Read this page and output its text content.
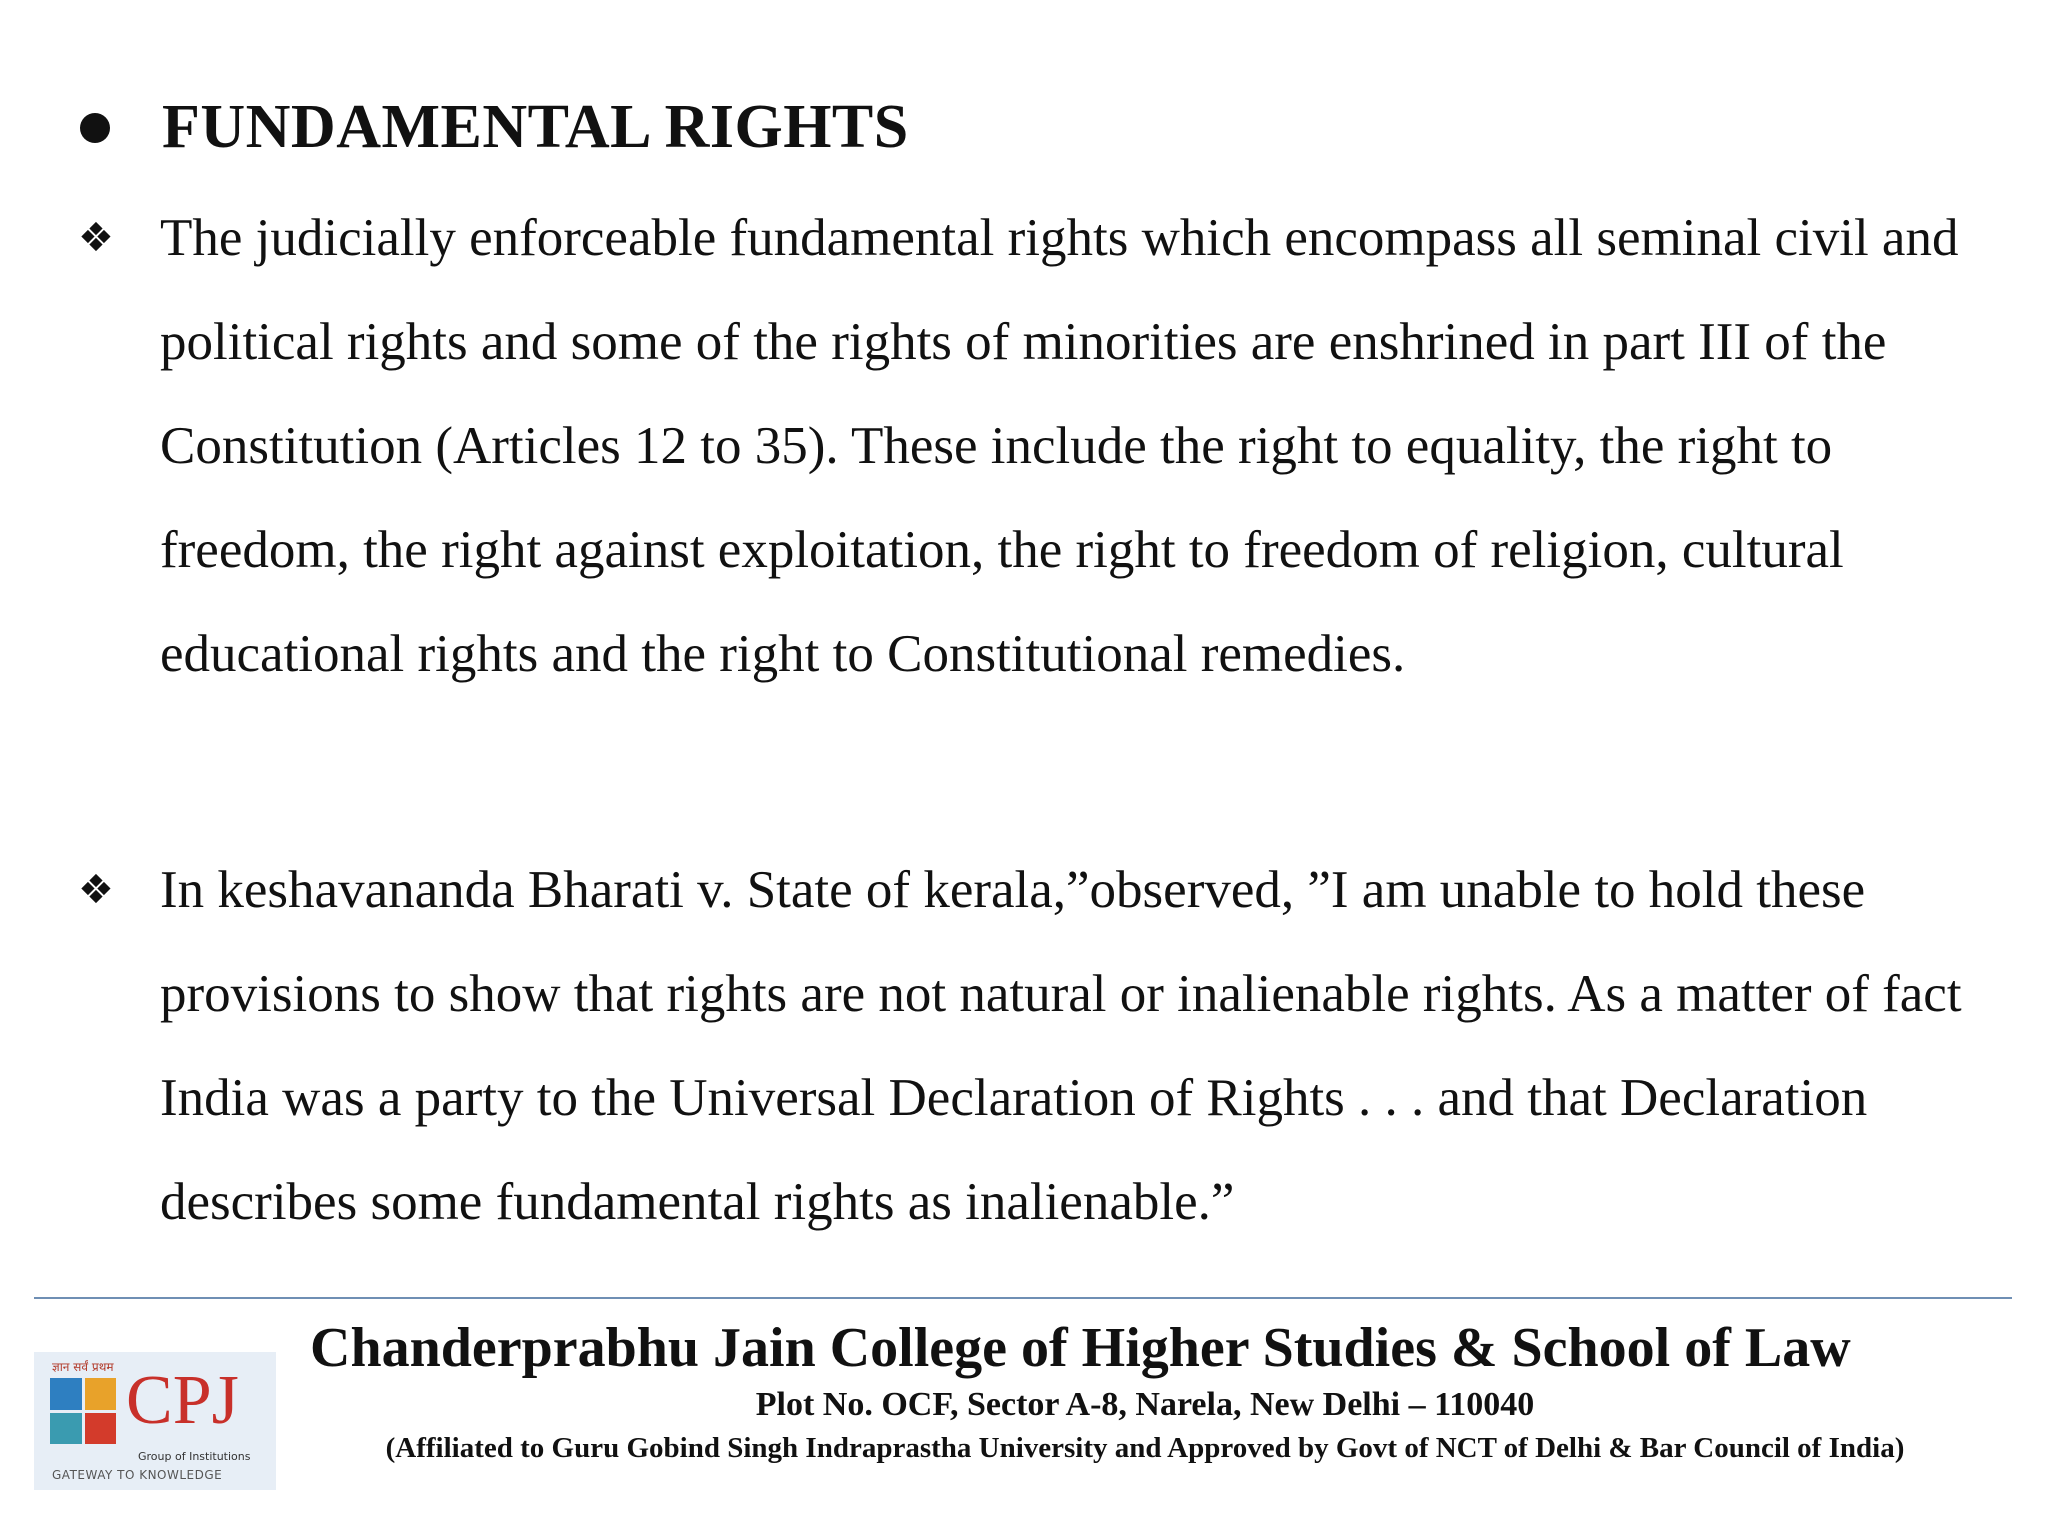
FUNDAMENTAL RIGHTS
❖ The judicially enforceable fundamental rights which encompass all seminal civil and political rights and some of the rights of minorities are enshrined in part III of the Constitution (Articles 12 to 35). These include the right to equality, the right to freedom, the right against exploitation, the right to freedom of religion, cultural educational rights and the right to Constitutional remedies.
❖ In keshavananda Bharati v. State of kerala,”observed, ”I am unable to hold these provisions to show that rights are not natural or inalienable rights. As a matter of fact India was a party to the Universal Declaration of Rights . . . and that Declaration describes some fundamental rights as inalienable.”
ज्ञान सर्वं प्रथम CPJ
Group of Institutions
GATEWAY TO KNOWLEDGE
Chanderprabhu Jain College of Higher Studies & School of Law
Plot No. OCF, Sector A-8, Narela, New Delhi – 110040
(Affiliated to Guru Gobind Singh Indraprastha University and Approved by Govt of NCT of Delhi & Bar Council of India)
